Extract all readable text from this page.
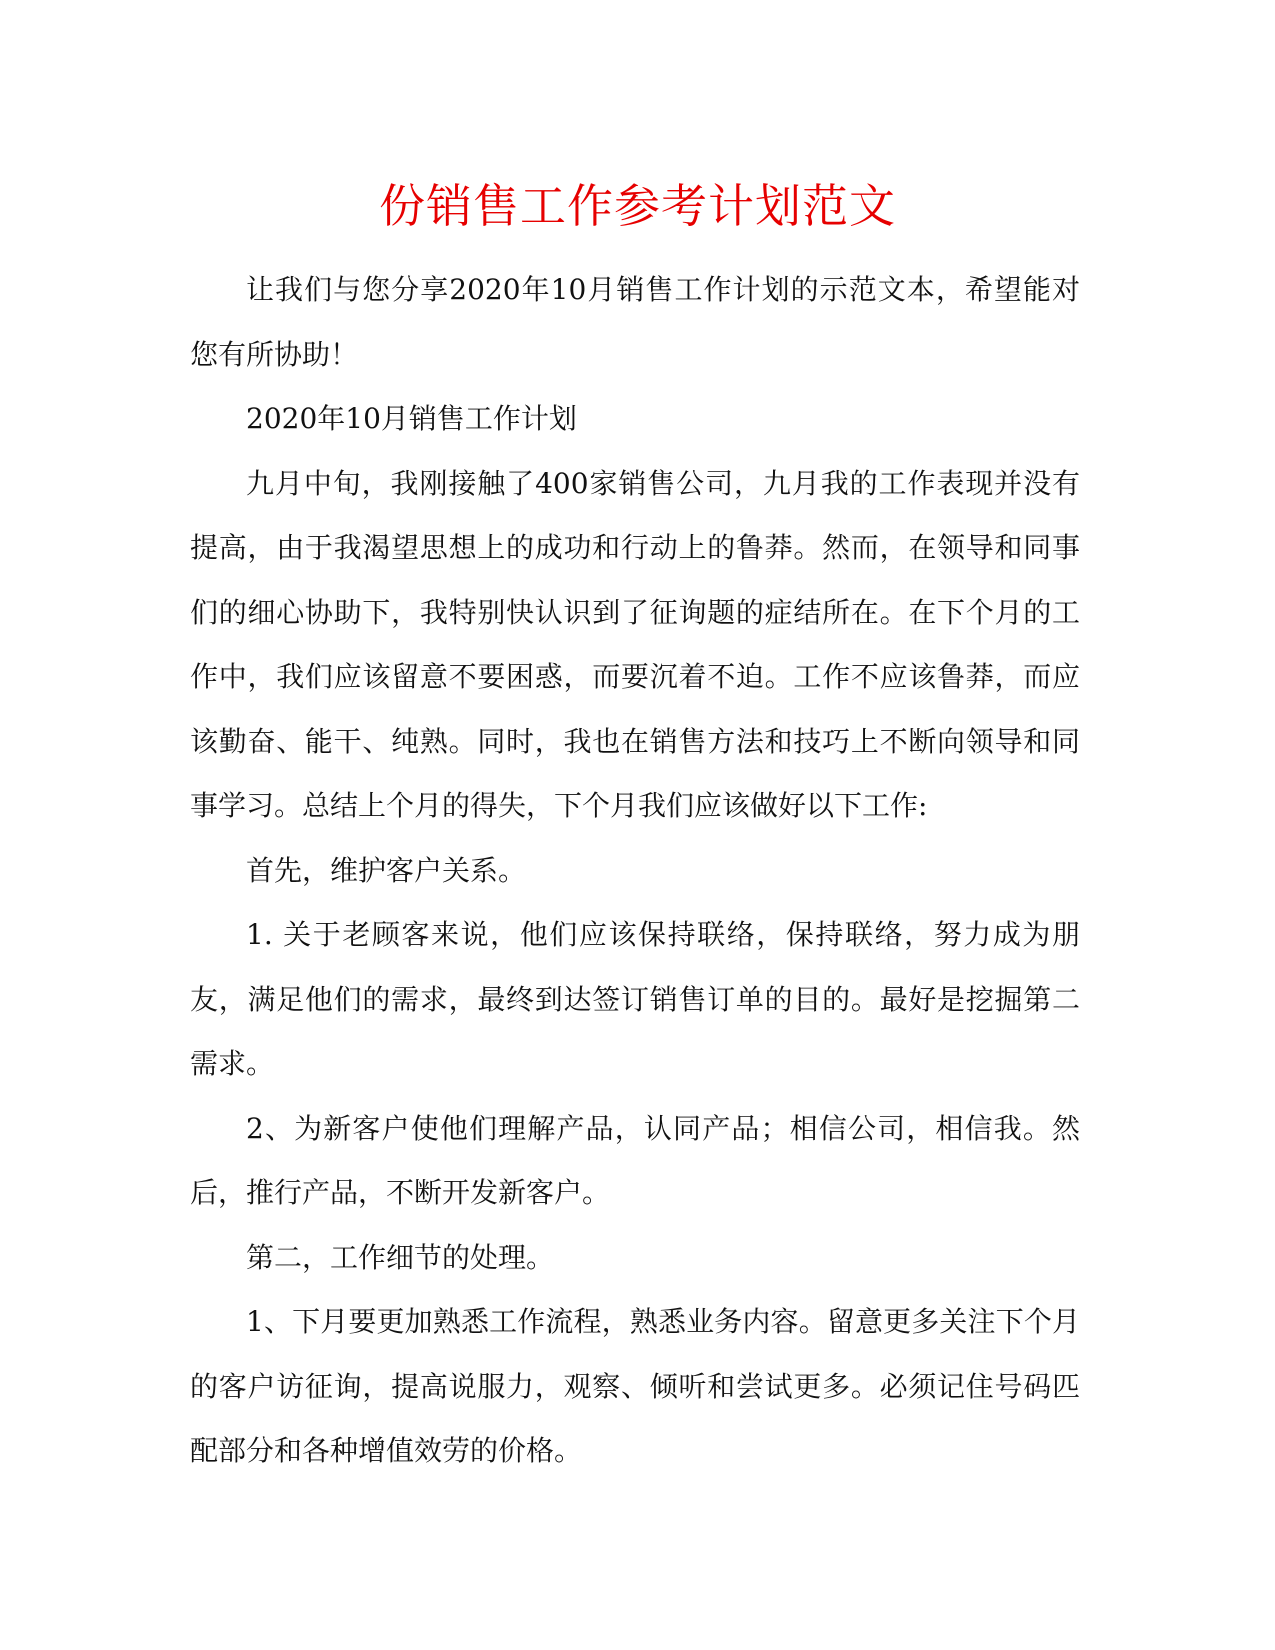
份销售工作参考计划范文

让我们与您分享2020年10月销售工作计划的示范文本，希望能对您有所协助！

2020年10月销售工作计划

九月中旬，我刚接触了400家销售公司，九月我的工作表现并没有提高，由于我渴望思想上的成功和行动上的鲁莽。然而，在领导和同事们的细心协助下，我特别快认识到了征询题的症结所在。在下个月的工作中，我们应该留意不要困惑，而要沉着不迫。工作不应该鲁莽，而应该勤奋、能干、纯熟。同时，我也在销售方法和技巧上不断向领导和同事学习。总结上个月的得失，下个月我们应该做好以下工作:

首先，维护客户关系。

1. 关于老顾客来说，他们应该保持联络，保持联络，努力成为朋友，满足他们的需求，最终到达签订销售订单的目的。最好是挖掘第二需求。

2、为新客户使他们理解产品，认同产品；相信公司，相信我。然后，推行产品，不断开发新客户。

第二，工作细节的处理。

1、下月要更加熟悉工作流程，熟悉业务内容。留意更多关注下个月的客户访征询，提高说服力，观察、倾听和尝试更多。必须记住号码匹配部分和各种增值效劳的价格。
